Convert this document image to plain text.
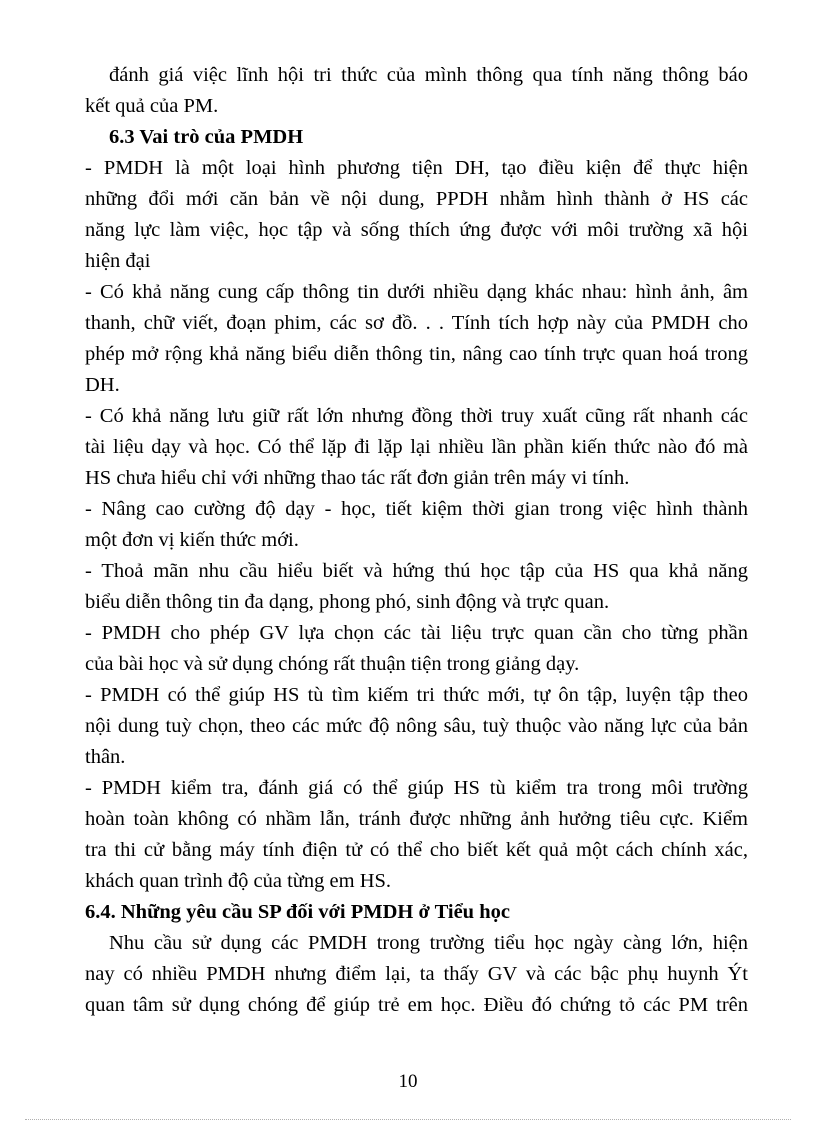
đánh giá việc lĩnh hội tri thức của mình thông qua tính năng thông báo
kết quả của PM.
6.3 Vai trò của PMDH
- PMDH là một loại hình phương tiện DH, tạo điều kiện để thực hiện
những đổi mới căn bản về nội dung, PPDH nhằm hình thành ở HS các
năng lực làm việc, học tập và sống thích ứng được với môi trường xã hội
hiện đại
- Có khả năng cung cấp thông tin dưới nhiều dạng khác nhau: hình ảnh, âm
thanh, chữ viết, đoạn phim, các sơ đồ. . . Tính tích hợp này của PMDH cho
phép mở rộng khả năng biểu diễn thông tin, nâng cao tính trực quan hoá trong
DH.
- Có khả năng lưu giữ rất lớn nhưng đồng thời truy xuất cũng rất nhanh các
tài liệu dạy và học. Có thể lặp đi lặp lại nhiều lần phần kiến thức nào đó mà
HS chưa hiểu chỉ với những thao tác rất đơn giản trên máy vi tính.
- Nâng cao cường độ dạy - học, tiết kiệm thời gian trong việc hình thành
một đơn vị kiến thức mới.
- Thoả mãn nhu cầu hiểu biết và hứng thú học tập của HS qua khả năng
biểu diễn thông tin đa dạng, phong phó, sinh động và trực quan.
- PMDH cho phép GV lựa chọn các tài liệu trực quan cần cho từng phần
của bài học và sử dụng chóng rất thuận tiện trong giảng dạy.
- PMDH có thể giúp HS tù tìm kiếm tri thức mới, tự ôn tập, luyện tập theo
nội dung tuỳ chọn, theo các mức độ nông sâu, tuỳ thuộc vào năng lực của bản
thân.
- PMDH kiểm tra, đánh giá có thể giúp HS tù kiểm tra trong môi trường
hoàn toàn không có nhầm lẫn, tránh được những ảnh hưởng tiêu cực. Kiểm
tra thi cử bằng máy tính điện tử có thể cho biết kết quả một cách chính xác,
khách quan trình độ của từng em HS.
6.4. Những yêu cầu SP đối với PMDH ở Tiểu học
Nhu cầu sử dụng các PMDH trong trường tiểu học ngày càng lớn, hiện
nay có nhiều PMDH nhưng điểm lại, ta thấy GV và các bậc phụ huynh Ýt
quan tâm sử dụng chóng để giúp trẻ em học. Điều đó chứng tỏ các PM trên
10
